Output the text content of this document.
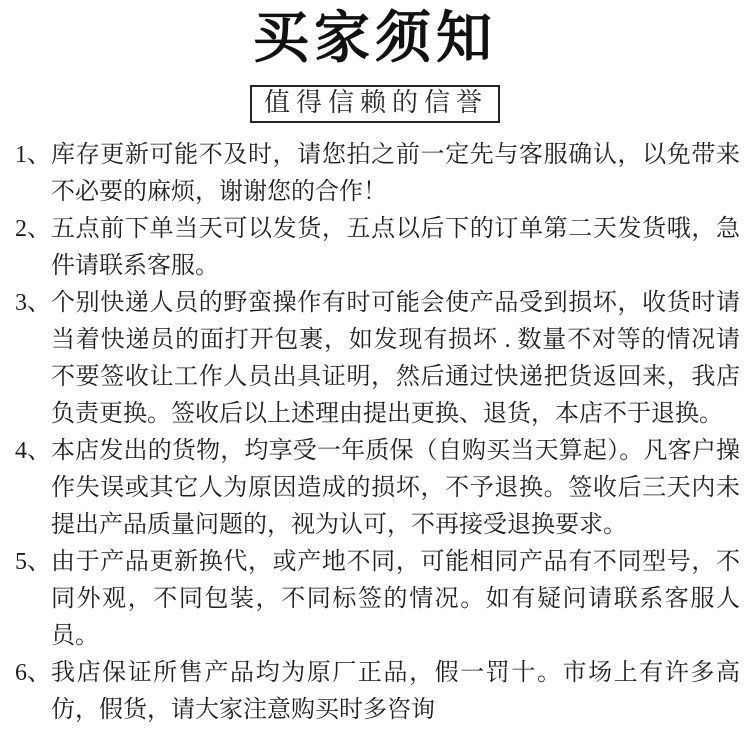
买家须知
值得信赖的信誉
1、 库存更新可能不及时，请您拍之前一定先与客服确认，以免带来不必要的麻烦，谢谢您的合作！
2、 五点前下单当天可以发货，五点以后下的订单第二天发货哦，急件请联系客服。
3、 个别快递人员的野蛮操作有时可能会使产品受到损坏，收货时请当着快递员的面打开包裹，如发现有损坏 . 数量不对等的情况请不要签收让工作人员出具证明，然后通过快递把货返回来，我店负责更换。签收后以上述理由提出更换、退货，本店不于退换。
4、 本店发出的货物，均享受一年质保（自购买当天算起）。凡客户操作失误或其它人为原因造成的损坏，不予退换。签收后三天内未提出产品质量问题的，视为认可，不再接受退换要求。
5、 由于产品更新换代，或产地不同，可能相同产品有不同型号，不同外观，不同包装，不同标签的情况。如有疑问请联系客服人员。
6、 我店保证所售产品均为原厂正品，假一罚十。市场上有许多高仿，假货，请大家注意购买时多咨询
